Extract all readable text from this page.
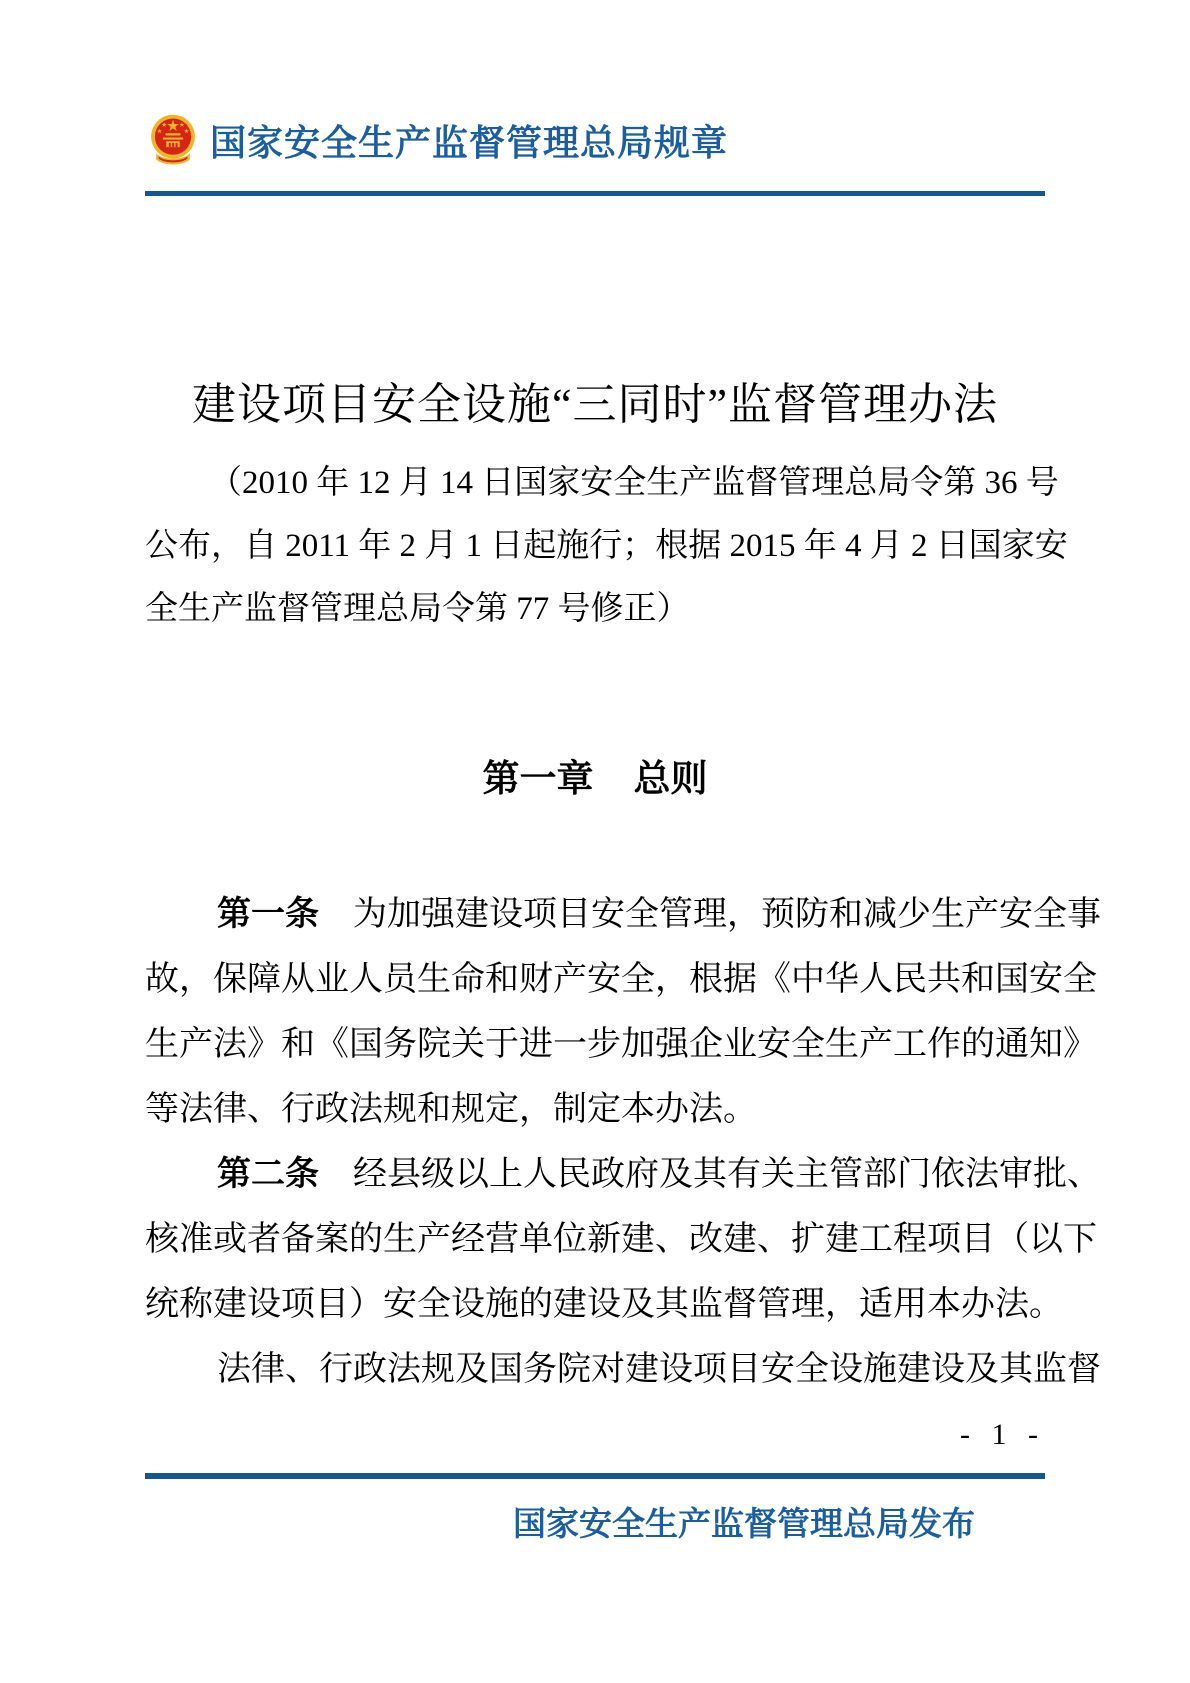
国家安全生产监督管理总局规章
建设项目安全设施“三同时”监督管理办法
（2010 年 12 月 14 日国家安全生产监督管理总局令第 36 号
公布，自 2011 年 2 月 1 日起施行；根据 2015 年 4 月 2 日国家安
全生产监督管理总局令第 77 号修正）
第一章 总则
第一条 为加强建设项目安全管理，预防和减少生产安全事
故，保障从业人员生命和财产安全，根据《中华人民共和国安全
生产法》和《国务院关于进一步加强企业安全生产工作的通知》
等法律、行政法规和规定，制定本办法。
第二条 经县级以上人民政府及其有关主管部门依法审批、
核准或者备案的生产经营单位新建、改建、扩建工程项目（以下
统称建设项目）安全设施的建设及其监督管理，适用本办法。
法律、行政法规及国务院对建设项目安全设施建设及其监督
- 1 -
国家安全生产监督管理总局发布
